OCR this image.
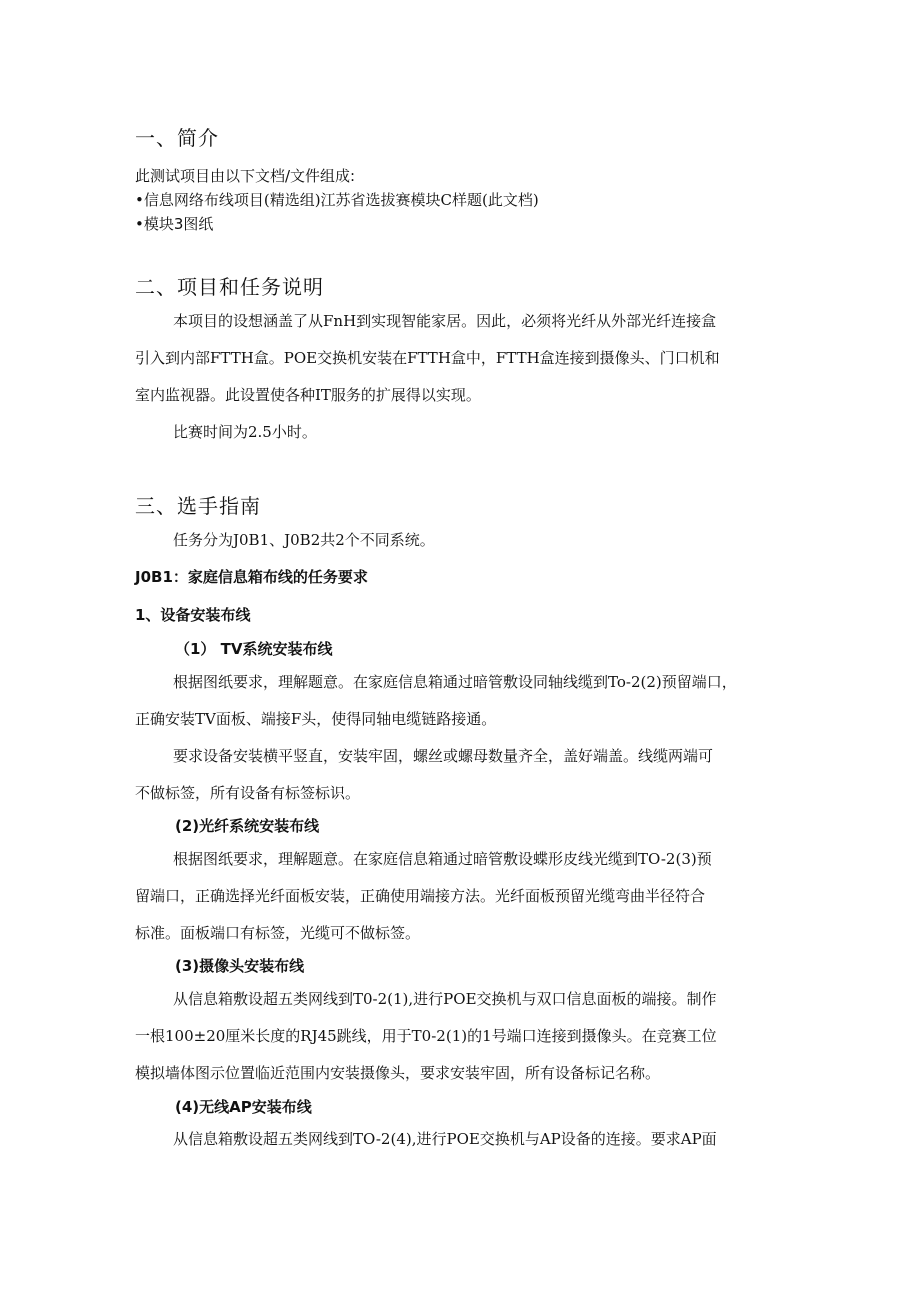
一、简介
此测试项目由以下文档/文件组成:
•信息网络布线项目(精选组)江苏省选拔赛模块C样题(此文档)
•模块3图纸
二、项目和任务说明
本项目的设想涵盖了从FnH到实现智能家居。因此，必须将光纤从外部光纤连接盒
引入到内部FTTH盒。POE交换机安装在FTTH盒中，FTTH盒连接到摄像头、门口机和
室内监视器。此设置使各种IT服务的扩展得以实现。
比赛时间为2.5小时。
三、选手指南
任务分为J0B1、J0B2共2个不同系统。
J0B1：家庭信息箱布线的任务要求
1、设备安装布线
（1） TV系统安装布线
根据图纸要求，理解题意。在家庭信息箱通过暗管敷设同轴线缆到To-2(2)预留端口，
正确安装TV面板、端接F头，使得同轴电缆链路接通。
要求设备安装横平竖直，安装牢固，螺丝或螺母数量齐全，盖好端盖。线缆两端可
不做标签，所有设备有标签标识。
(2)光纤系统安装布线
根据图纸要求，理解题意。在家庭信息箱通过暗管敷设蝶形皮线光缆到TO-2(3)预
留端口，正确选择光纤面板安装，正确使用端接方法。光纤面板预留光缆弯曲半径符合
标准。面板端口有标签，光缆可不做标签。
(3)摄像头安装布线
从信息箱敷设超五类网线到T0-2(1),进行POE交换机与双口信息面板的端接。制作
一根100±20厘米长度的RJ45跳线，用于T0-2(1)的1号端口连接到摄像头。在竞赛工位
模拟墙体图示位置临近范围内安装摄像头，要求安装牢固，所有设备标记名称。
(4)无线AP安装布线
从信息箱敷设超五类网线到TO-2(4),进行POE交换机与AP设备的连接。要求AP面
